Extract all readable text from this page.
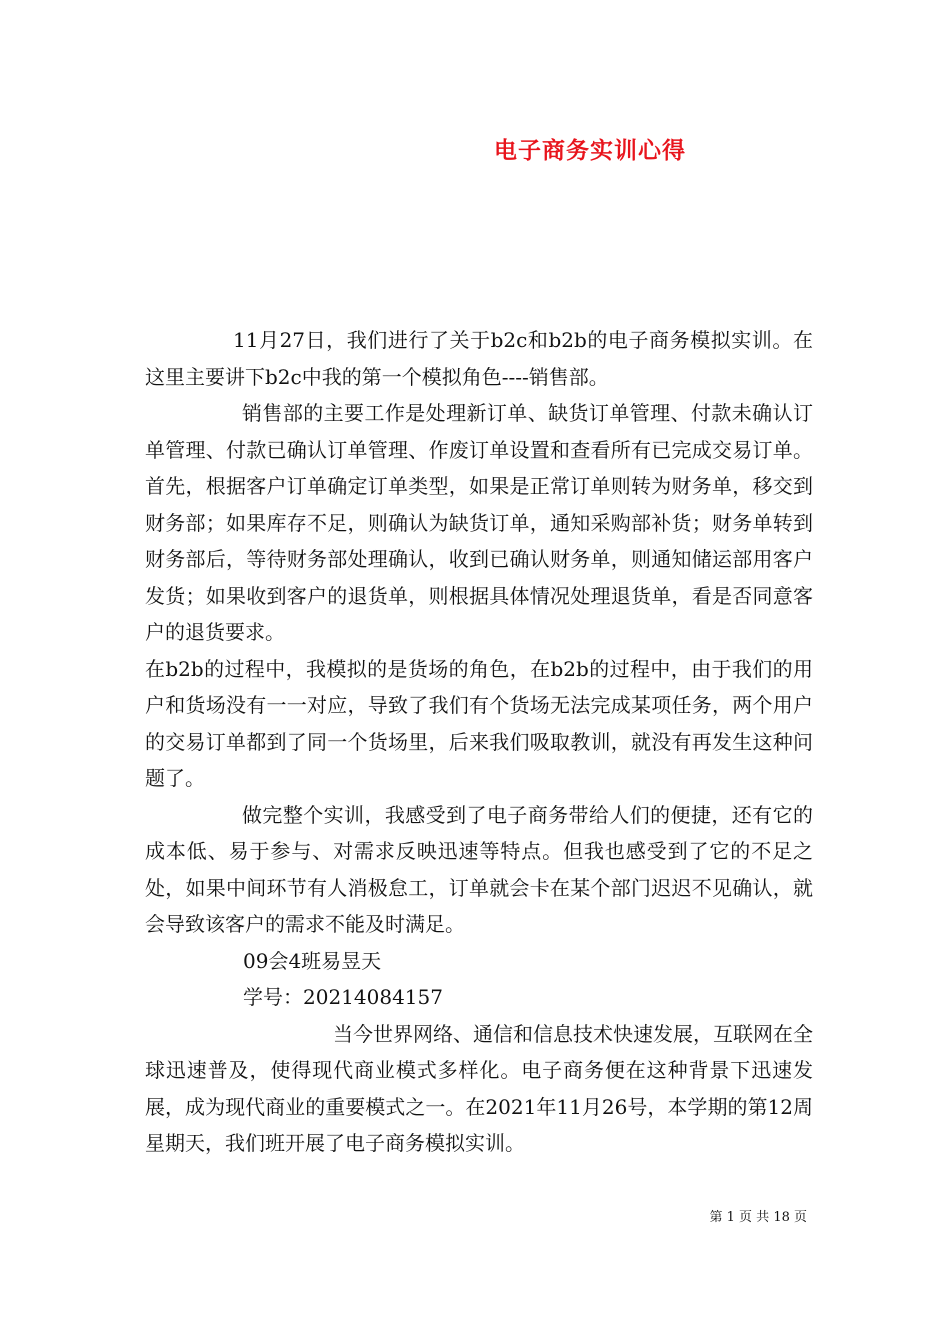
电子商务实训心得

11月27日，我们进行了关于b2c和b2b的电子商务模拟实训。在这里主要讲下b2c中我的第一个模拟角色----销售部。

销售部的主要工作是处理新订单、缺货订单管理、付款未确认订单管理、付款已确认订单管理、作废订单设置和查看所有已完成交易订单。首先，根据客户订单确定订单类型，如果是正常订单则转为财务单，移交到财务部；如果库存不足，则确认为缺货订单，通知采购部补货；财务单转到财务部后，等待财务部处理确认，收到已确认财务单，则通知储运部用客户发货；如果收到客户的退货单，则根据具体情况处理退货单，看是否同意客户的退货要求。

在b2b的过程中，我模拟的是货场的角色，在b2b的过程中，由于我们的用户和货场没有一一对应，导致了我们有个货场无法完成某项任务，两个用户的交易订单都到了同一个货场里，后来我们吸取教训，就没有再发生这种问题了。

做完整个实训，我感受到了电子商务带给人们的便捷，还有它的成本低、易于参与、对需求反映迅速等特点。但我也感受到了它的不足之处，如果中间环节有人消极怠工，订单就会卡在某个部门迟迟不见确认，就会导致该客户的需求不能及时满足。

09会4班易昱天

学号：20214084157

当今世界网络、通信和信息技术快速发展，互联网在全球迅速普及，使得现代商业模式多样化。电子商务便在这种背景下迅速发展，成为现代商业的重要模式之一。在2021年11月26号，本学期的第12周星期天，我们班开展了电子商务模拟实训。

第 1 页 共 18 页
